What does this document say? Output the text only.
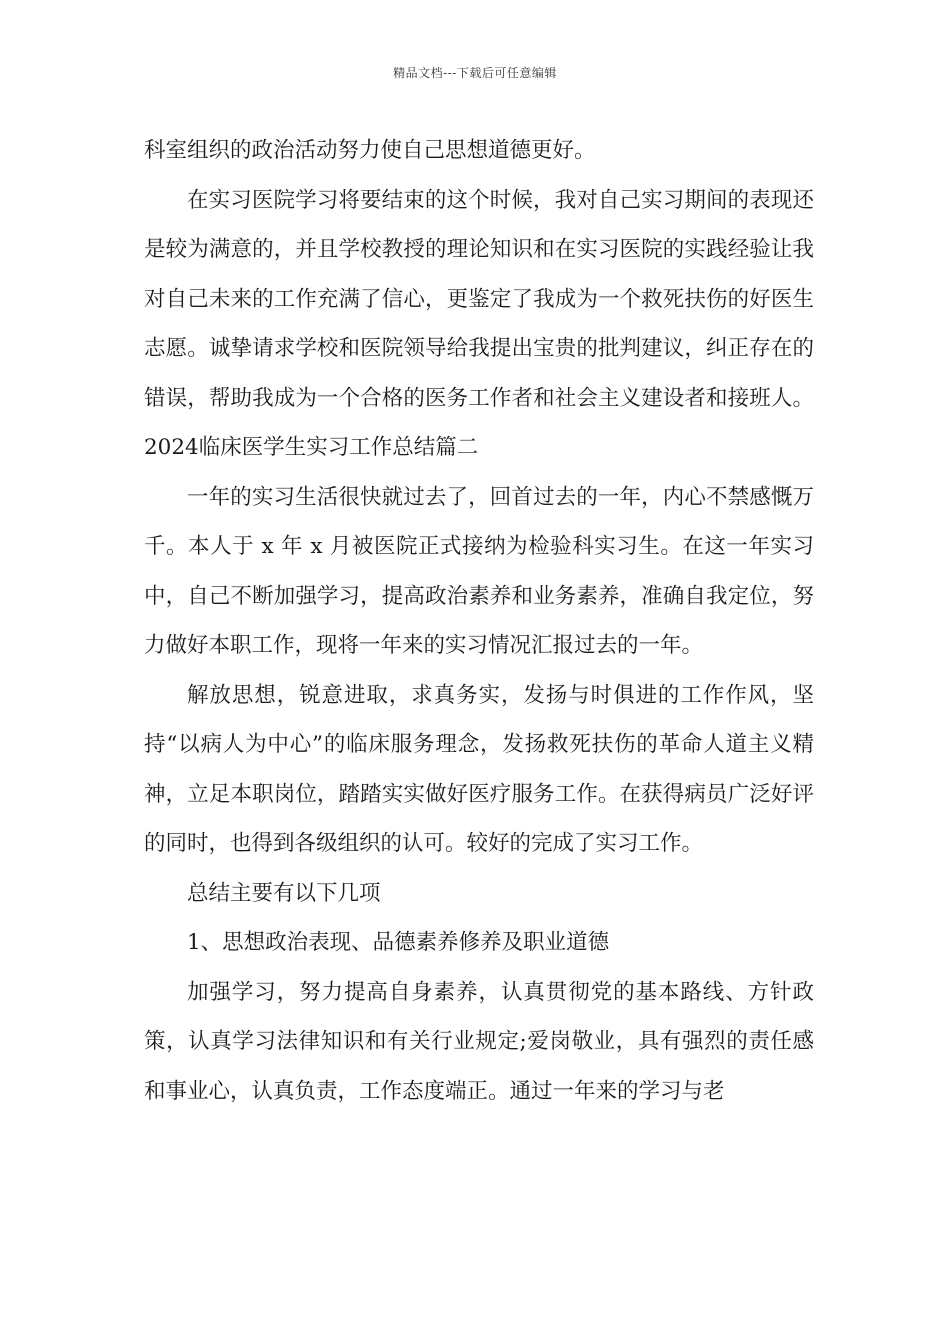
精品文档---下载后可任意编辑

科室组织的政治活动努力使自己思想道德更好。

在实习医院学习将要结束的这个时候，我对自己实习期间的表现还是较为满意的，并且学校教授的理论知识和在实习医院的实践经验让我对自己未来的工作充满了信心，更鉴定了我成为一个救死扶伤的好医生志愿。诚挚请求学校和医院领导给我提出宝贵的批判建议，纠正存在的错误，帮助我成为一个合格的医务工作者和社会主义建设者和接班人。2024临床医学生实习工作总结篇二

一年的实习生活很快就过去了，回首过去的一年，内心不禁感慨万千。本人于 x 年 x 月被医院正式接纳为检验科实习生。在这一年实习中，自己不断加强学习，提高政治素养和业务素养，准确自我定位，努力做好本职工作，现将一年来的实习情况汇报过去的一年。

解放思想，锐意进取，求真务实，发扬与时俱进的工作作风，坚持“以病人为中心”的临床服务理念，发扬救死扶伤的革命人道主义精神，立足本职岗位，踏踏实实做好医疗服务工作。在获得病员广泛好评的同时，也得到各级组织的认可。较好的完成了实习工作。

总结主要有以下几项

1、思想政治表现、品德素养修养及职业道德

加强学习，努力提高自身素养，认真贯彻党的基本路线、方针政策，认真学习法律知识和有关行业规定;爱岗敬业，具有强烈的责任感和事业心，认真负责，工作态度端正。通过一年来的学习与老
